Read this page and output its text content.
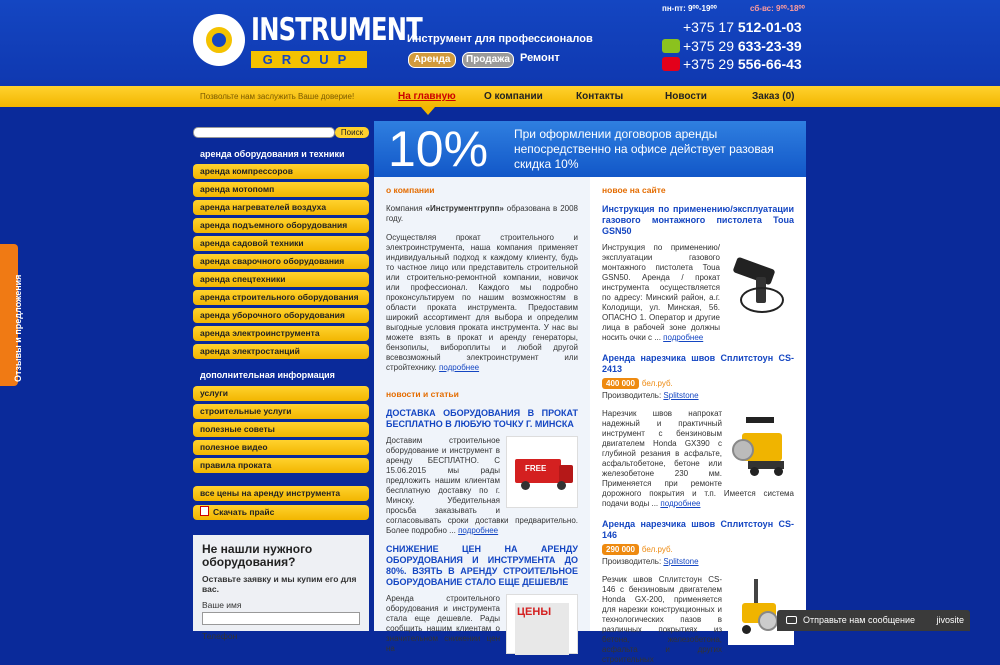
INSTRUMENT
GROUP
Инструмент для профессионалов
Аренда	Продажа Ремонт
пн-пт: 9⁰⁰-19⁰⁰	сб-вс: 9⁰⁰-18⁰⁰
+375 17 512-01-03
+375 29 633-23-39
+375 29 556-66-43
Позвольте нам заслужить Ваше доверие!	На главную	О компании	Контакты	Новости	Заказ (0)
Отзывы и предложения
Поиск
аренда оборудования и техники
аренда компрессоров
аренда мотопомп
аренда нагревателей воздуха
аренда подъемного оборудования
аренда садовой техники
аренда сварочного оборудования
аренда спецтехники
аренда строительного оборудования
аренда уборочного оборудования
аренда электроинструмента
аренда электростанций
дополнительная информация
услуги
строительные услуги
полезные советы
полезное видео
правила проката
все цены на аренду инструмента
Скачать прайс
Не нашли нужного оборудования?
Оставьте заявку и мы купим его для вас.
Ваше имя
Телефон
10% При оформлении договоров аренды непосредственно на офисе действует разовая скидка 10%
о компании
Компания «Инструментгрупп» образована в 2008 году.
Осуществляя прокат строительного и электроинструмента, наша компания применяет индивидуальный подход к каждому клиенту, будь то частное лицо или представитель строительной или строительно-ремонтной компании, новичок или профессионал. Каждого мы подробно проконсультируем по нашим возможностям в области проката инструмента. Предоставим широкий ассортимент для выбора и определим выгодные условия проката инструмента. У нас вы можете взять в прокат и аренду генераторы, бензопилы, вибороплиты и любой другой всевозможный электроинструмент или стройтехнику. подробнее
новости и статьи
ДОСТАВКА ОБОРУДОВАНИЯ В ПРОКАТ БЕСПЛАТНО В ЛЮБУЮ ТОЧКУ Г. МИНСКА
FREE
Доставим строительное оборудование и инструмент в аренду БЕСПЛАТНО. С 15.06.2015 мы рады предложить нашим клиентам бесплатную доставку по г. Минску. Убедительная просьба заказывать и согласовывать сроки доставки предварительно. Более подробно ... подробнее
СНИЖЕНИЕ ЦЕН НА АРЕНДУ ОБОРУДОВАНИЯ И ИНСТРУМЕНТА ДО 80%. ВЗЯТЬ В АРЕНДУ СТРОИТЕЛЬНОЕ ОБОРУДОВАНИЕ СТАЛО ЕЩЕ ДЕШЕВЛЕ
ЦЕНЫ
Аренда строительного оборудования и инструмента стала еще дешевле. Рады сообщить нашим клиентам о значительном снижении цен на
новое на сайте
Инструкция по применению/эксплуатации газового монтажного пистолета Toua GSN50
Инструкция по применению/эксплуатации газового монтажного пистолета Toua GSN50. Аренда / прокат инструмента осуществляется по адресу: Минский район, а.г. Колодищи, ул. Минская, 56. ОПАСНО 1. Оператор и другие лица в рабочей зоне должны носить очки с ... подробнее
Аренда нарезчика швов Сплитстоун CS-2413
400 000 бел.руб.
Производитель: Splitstone
Нарезчик швов напрокат надежный и практичный инструмент с бензиновым двигателем Honda GX390 с глубиной резания в асфальте, асфальтобетоне, бетоне или железобетоне 230 мм. Применяется при ремонте дорожного покрытия и т.п. Имеется система подачи воды ... подробнее
Аренда нарезчика швов Сплитстоун CS-146
290 000 бел.руб.
Производитель: Splitstone
Резчик швов Сплитстоун CS-146 с бензиновым двигателем Honda GX-200, применяется для нарезки конструкционных и технологических пазов в различных покрытиях из бетона, железобетона, асфальта и других строительных
Отправьте нам сообщение jivosite
